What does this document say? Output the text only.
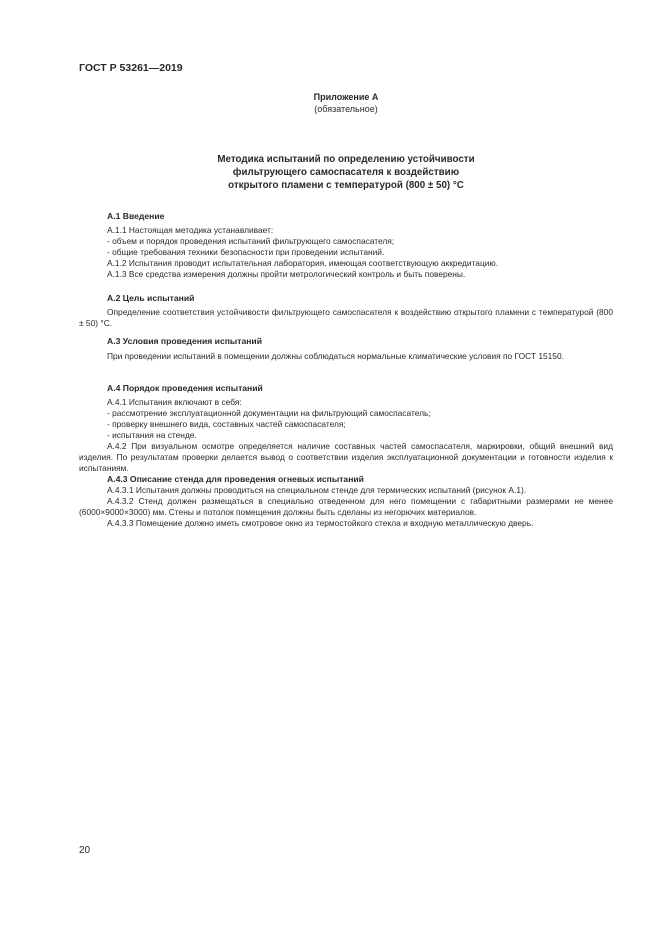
ГОСТ Р 53261—2019
Приложение А
(обязательное)
Методика испытаний по определению устойчивости
фильтрующего самоспасателя к воздействию
открытого пламени с температурой (800 ± 50) °С
А.1 Введение
А.1.1 Настоящая методика устанавливает:
- объем и порядок проведения испытаний фильтрующего самоспасателя;
- общие требования техники безопасности при проведении испытаний.
А.1.2 Испытания проводит испытательная лаборатория, имеющая соответствующую аккредитацию.
А.1.3 Все средства измерения должны пройти метрологический контроль и быть поверены.
А.2 Цель испытаний
Определение соответствия устойчивости фильтрующего самоспасателя к воздействию открытого пламени с температурой (800 ± 50) °С.
А.3 Условия проведения испытаний
При проведении испытаний в помещении должны соблюдаться нормальные климатические условия по ГОСТ 15150.
А.4 Порядок проведения испытаний
А.4.1 Испытания включают в себя:
- рассмотрение эксплуатационной документации на фильтрующий самоспасатель;
- проверку внешнего вида, составных частей самоспасателя;
- испытания на стенде.
А.4.2 При визуальном осмотре определяется наличие составных частей самоспасателя, маркировки, общий внешний вид изделия. По результатам проверки делается вывод о соответствии изделия эксплуатационной документации и готовности изделия к испытаниям.
А.4.3 Описание стенда для проведения огневых испытаний
А.4.3.1 Испытания должны проводиться на специальном стенде для термических испытаний (рисунок А.1).
А.4.3.2 Стенд должен размещаться в специально отведенном для него помещении с габаритными размерами не менее (6000×9000×3000) мм. Стены и потолок помещения должны быть сделаны из негорючих материалов.
А.4.3.3 Помещение должно иметь смотровое окно из термостойкого стекла и входную металлическую дверь.
20
